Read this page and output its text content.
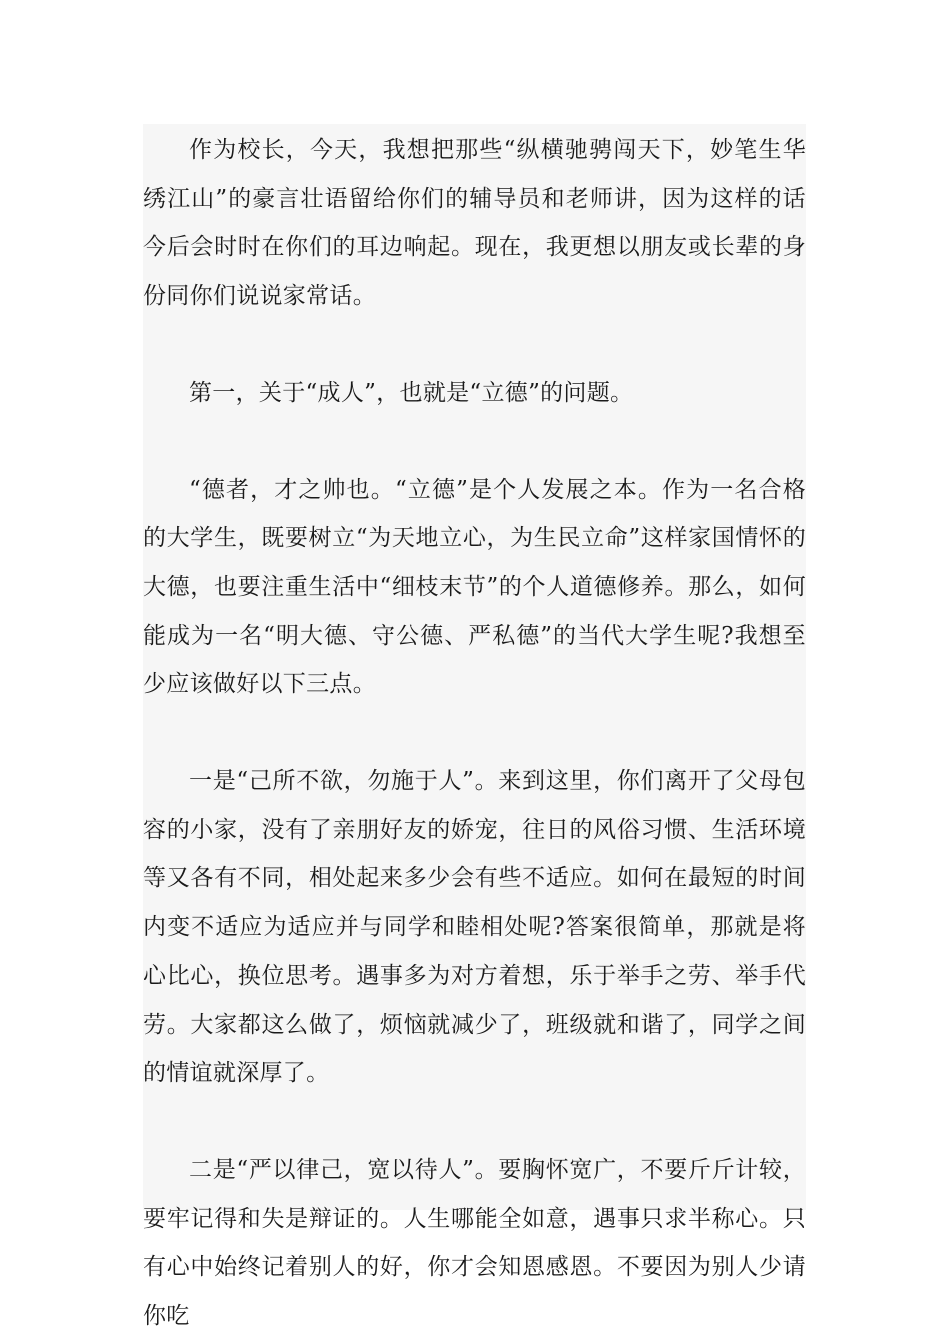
作为校长，今天，我想把那些“纵横驰骋闯天下，妙笔生华绣江山”的豪言壮语留给你们的辅导员和老师讲，因为这样的话今后会时时在你们的耳边响起。现在，我更想以朋友或长辈的身份同你们说说家常话。

第一，关于“成人”，也就是“立德”的问题。

“德者，才之帅也。“立德”是个人发展之本。作为一名合格的大学生，既要树立“为天地立心，为生民立命”这样家国情怀的大德，也要注重生活中“细枝末节”的个人道德修养。那么，如何能成为一名“明大德、守公德、严私德”的当代大学生呢?我想至少应该做好以下三点。

一是“己所不欲，勿施于人”。来到这里，你们离开了父母包容的小家，没有了亲朋好友的娇宠，往日的风俗习惯、生活环境等又各有不同，相处起来多少会有些不适应。如何在最短的时间内变不适应为适应并与同学和睦相处呢?答案很简单，那就是将心比心，换位思考。遇事多为对方着想，乐于举手之劳、举手代劳。大家都这么做了，烦恼就减少了，班级就和谐了，同学之间的情谊就深厚了。

二是“严以律己，宽以待人”。要胸怀宽广，不要斤斤计较，要牢记得和失是辩证的。人生哪能全如意，遇事只求半称心。只有心中始终记着别人的好，你才会知恩感恩。不要因为别人少请你吃
